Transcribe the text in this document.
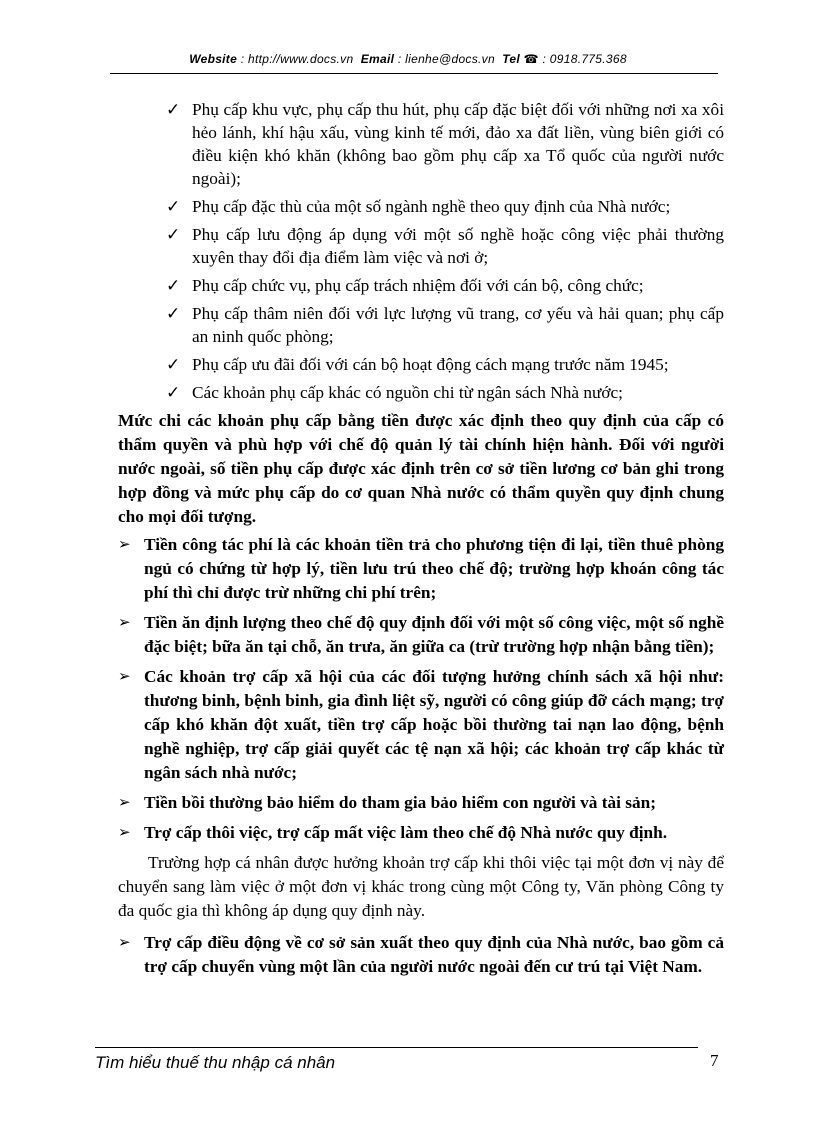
Website : http://www.docs.vn Email : lienhe@docs.vn Tel ☎ : 0918.775.368
✓ Phụ cấp khu vực, phụ cấp thu hút, phụ cấp đặc biệt đối với những nơi xa xôi hẻo lánh, khí hậu xấu, vùng kinh tế mới, đảo xa đất liền, vùng biên giới có điều kiện khó khăn (không bao gồm phụ cấp xa Tổ quốc của người nước ngoài);
✓ Phụ cấp đặc thù của một số ngành nghề theo quy định của Nhà nước;
✓ Phụ cấp lưu động áp dụng với một số nghề hoặc công việc phải thường xuyên thay đổi địa điểm làm việc và nơi ở;
✓ Phụ cấp chức vụ, phụ cấp trách nhiệm đối với cán bộ, công chức;
✓ Phụ cấp thâm niên đối với lực lượng vũ trang, cơ yếu và hải quan; phụ cấp an ninh quốc phòng;
✓ Phụ cấp ưu đãi đối với cán bộ hoạt động cách mạng trước năm 1945;
✓ Các khoản phụ cấp khác có nguồn chi từ ngân sách Nhà nước;

Mức chi các khoản phụ cấp bằng tiền được xác định theo quy định của cấp có thẩm quyền và phù hợp với chế độ quản lý tài chính hiện hành. Đối với người nước ngoài, số tiền phụ cấp được xác định trên cơ sở tiền lương cơ bản ghi trong hợp đồng và mức phụ cấp do cơ quan Nhà nước có thẩm quyền quy định chung cho mọi đối tượng.

➢ Tiền công tác phí là các khoản tiền trả cho phương tiện đi lại, tiền thuê phòng ngủ có chứng từ hợp lý, tiền lưu trú theo chế độ; trường hợp khoán công tác phí thì chỉ được trừ những chi phí trên;
➢ Tiền ăn định lượng theo chế độ quy định đối với một số công việc, một số nghề đặc biệt; bữa ăn tại chỗ, ăn trưa, ăn giữa ca (trừ trường hợp nhận bằng tiền);
➢ Các khoản trợ cấp xã hội của các đối tượng hưởng chính sách xã hội như: thương binh, bệnh binh, gia đình liệt sỹ, người có công giúp đỡ cách mạng; trợ cấp khó khăn đột xuất, tiền trợ cấp hoặc bồi thường tai nạn lao động, bệnh nghề nghiệp, trợ cấp giải quyết các tệ nạn xã hội; các khoản trợ cấp khác từ ngân sách nhà nước;
➢ Tiền bồi thường bảo hiểm do tham gia bảo hiểm con người và tài sản;
➢ Trợ cấp thôi việc, trợ cấp mất việc làm theo chế độ Nhà nước quy định.

Trường hợp cá nhân được hưởng khoản trợ cấp khi thôi việc tại một đơn vị này để chuyển sang làm việc ở một đơn vị khác trong cùng một Công ty, Văn phòng Công ty đa quốc gia thì không áp dụng quy định này.

➢ Trợ cấp điều động về cơ sở sản xuất theo quy định của Nhà nước, bao gồm cả trợ cấp chuyển vùng một lần của người nước ngoài đến cư trú tại Việt Nam.
Tìm hiểu thuế thu nhập cá nhân	7
